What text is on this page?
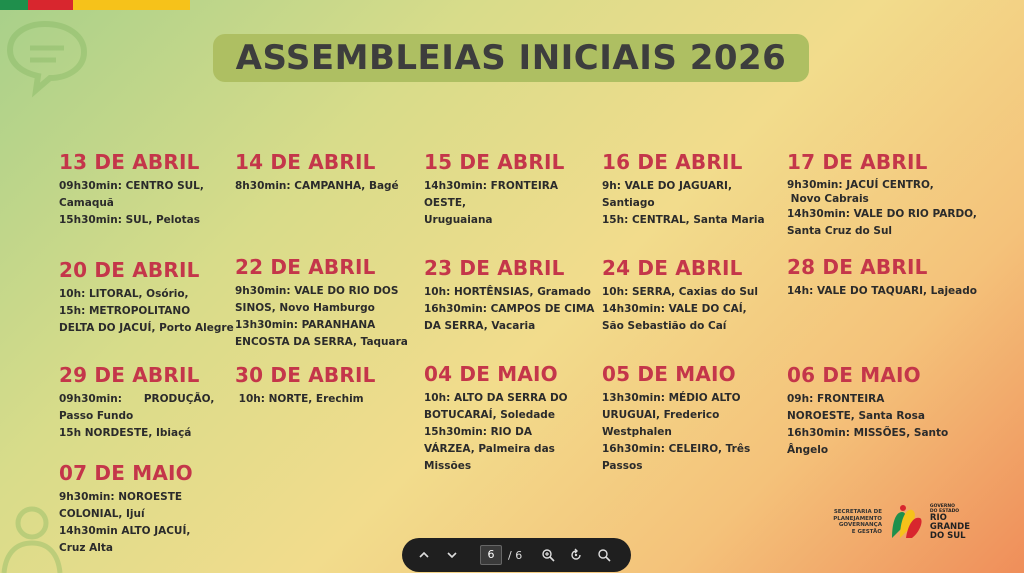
ASSEMBLEIAS INICIAIS 2026
13 DE ABRIL

09h30min: CENTRO SUL,
Camaquã
15h30min: SUL, Pelotas

14 DE ABRIL

8h30min: CAMPANHA, Bagé

15 DE ABRIL

14h30min: FRONTEIRA OESTE,
Uruguaiana

16 DE ABRIL

9h: VALE DO JAGUARI,
Santiago
15h: CENTRAL, Santa Maria

17 DE ABRIL

9h30min: JACUÍ CENTRO,
Novo Cabrais
14h30min: VALE DO RIO PARDO,
Santa Cruz do Sul

20 DE ABRIL

10h: LITORAL, Osório,
15h: METROPOLITANO
DELTA DO JACUÍ, Porto Alegre

22 DE ABRIL

9h30min: VALE DO RIO DOS
SINOS, Novo Hamburgo
13h30min: PARANHANA
ENCOSTA DA SERRA, Taquara

23 DE ABRIL

10h: HORTÊNSIAS, Gramado
16h30min: CAMPOS DE CIMA
DA SERRA, Vacaria

24 DE ABRIL

10h: SERRA, Caxias do Sul
14h30min: VALE DO CAÍ,
São Sebastião do Caí

28 DE ABRIL

14h: VALE DO TAQUARI, Lajeado

29 DE ABRIL

09h30min:      PRODUÇÃO,
Passo Fundo
15h NORDESTE, Ibiaçá

30 DE ABRIL

10h: NORTE, Erechim

04 DE MAIO

10h: ALTO DA SERRA DO
BOTUCARAÍ, Soledade
15h30min: RIO DA
VÁRZEA, Palmeira das
Missões

05 DE MAIO

13h30min: MÉDIO ALTO
URUGUAI, Frederico
Westphalen
16h30min: CELEIRO, Três
Passos

06 DE MAIO

09h: FRONTEIRA
NOROESTE, Santa Rosa
16h30min: MISSÕES, Santo
Ângelo

07 DE MAIO

9h30min: NOROESTE
COLONIAL, Ijuí
14h30min ALTO JACUÍ,
Cruz Alta

SECRETARIA DE
PLANEJAMENTO
GOVERNANÇA
E GESTÃO
GOVERNO
DO ESTADO
RIO
GRANDE
DO SUL
6	/ 6
